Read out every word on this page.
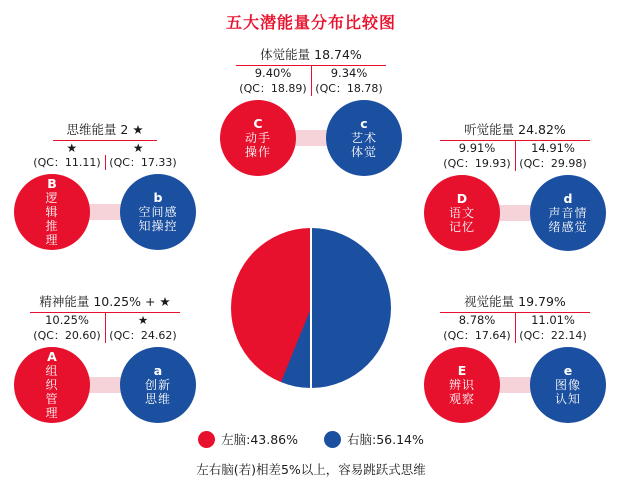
五大潜能量分布比较图
思维能量 2 ★
★ ★
(QC：11.11) (QC：17.33)
B
逻
辑
推
理
b
空间感
知操控
体觉能量 18.74%
9.40%	9.34%
(QC：18.89) (QC：18.78)
C
手
作
动
操
c
术
觉
艺
体
听觉能量 24.82%
9.91%	14.91%
(QC：19.93) (QC：29.98)
D
文
忆
语
记
d
声音情
绪感觉
精神能量 10.25% + ★
10.25%	★
(QC：20.60) (QC：24.62)
A
组
织
管
理
a
新
维
创
思
视觉能量 19.79%
8.78%	11.01%
(QC：17.64) (QC：22.14)
E
识
察
辨
观
e
像
知
图
认
左脑:43.86%	右脑:56.14%
左右脑(若)相差5%以上，容易跳跃式思维
